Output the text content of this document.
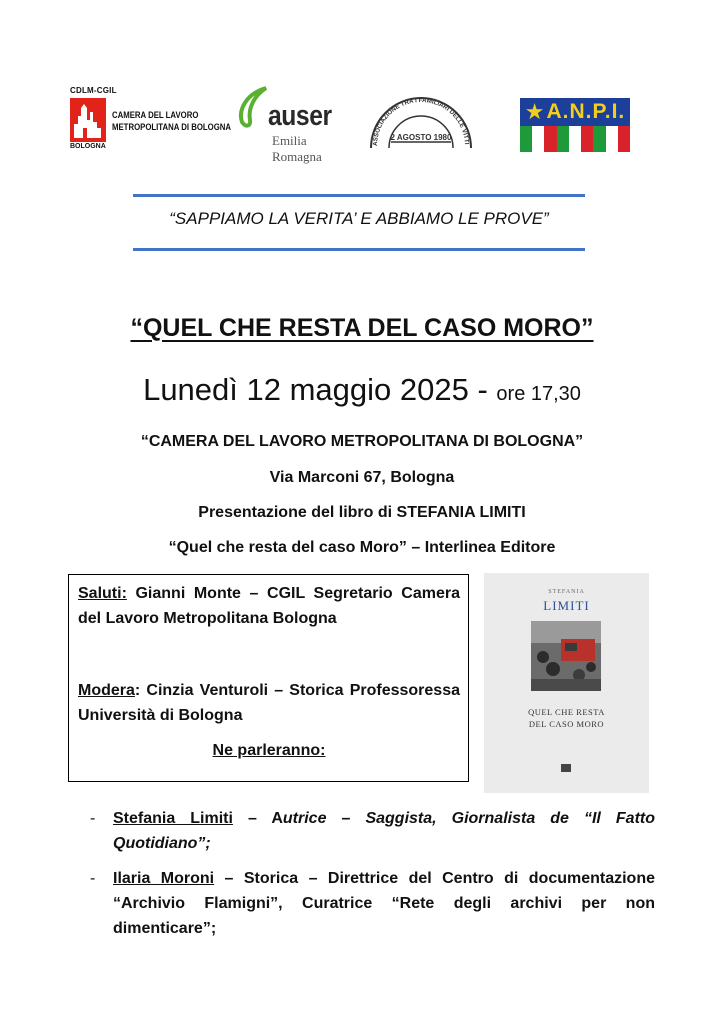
CDLM-CGIL
BOLOGNA
CAMERA DEL LAVORO
METROPOLITANA DI BOLOGNA auser
Emilia Romagna
ASSOCIAZIONE TRA I FAMILIARI DELLE VITTI
2 AGOSTO 1980
★ A.N.P.I.
“SAPPIAMO LA VERITA’ E ABBIAMO LE PROVE”
“QUEL CHE RESTA DEL CASO MORO”
Lunedì 12 maggio 2025 - ore 17,30
“CAMERA DEL LAVORO METROPOLITANA DI BOLOGNA”
Via Marconi 67, Bologna
Presentazione del libro di STEFANIA LIMITI
“Quel che resta del caso Moro” – Interlinea Editore

Saluti: Gianni Monte – CGIL Segretario Camera del Lavoro Metropolitana Bologna

Modera: Cinzia Venturoli – Storica Professoressa Università di Bologna

Ne parleranno:

STEFANIA
LIMITI
QUEL CHE RESTA
DEL CASO MORO
- Stefania Limiti – Autrice – Saggista, Giornalista de “Il Fatto Quotidiano”;
- Ilaria Moroni – Storica – Direttrice del Centro di documentazione “Archivio Flamigni”, Curatrice “Rete degli archivi per non dimenticare”;
